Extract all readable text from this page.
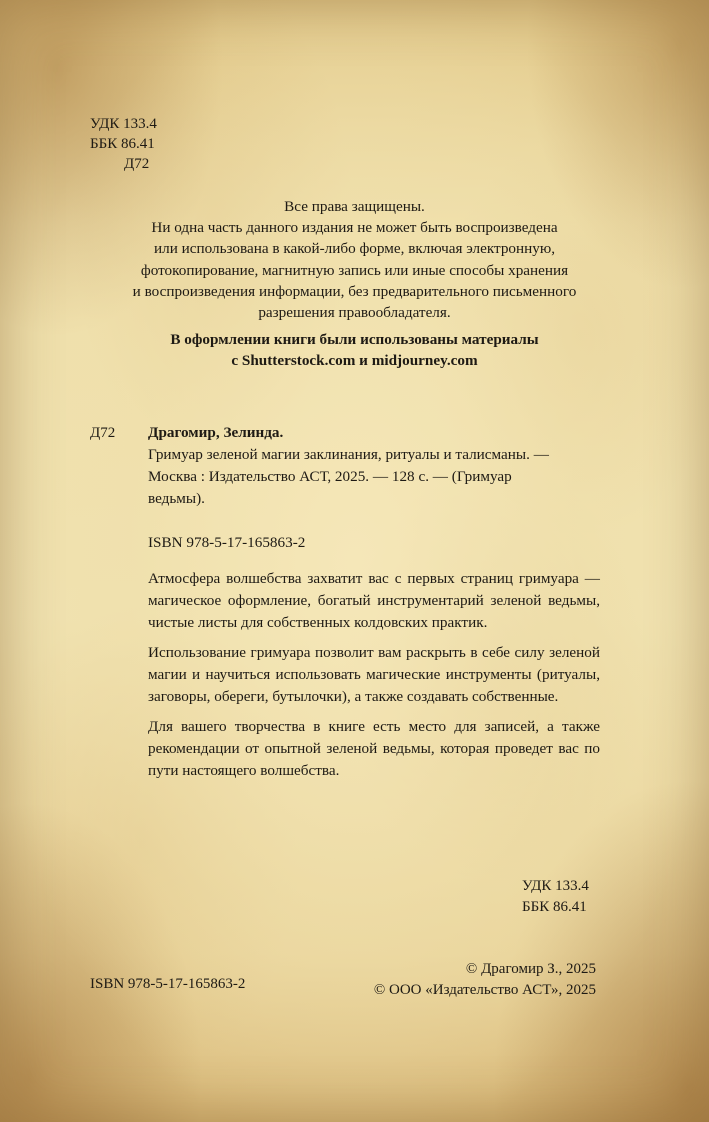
УДК 133.4
ББК 86.41
Д72
Все права защищены.
Ни одна часть данного издания не может быть воспроизведена
или использована в какой-либо форме, включая электронную,
фотокопирование, магнитную запись или иные способы хранения
и воспроизведения информации, без предварительного письменного
разрешения правообладателя.
В оформлении книги были использованы материалы
с Shutterstock.com и midjourney.com
Д72 Драгомир, Зелинда.
Гримуар зеленой магии заклинания, ритуалы и талисманы. —
Москва : Издательство АСТ, 2025. — 128 с. — (Гримуар
ведьмы).
ISBN 978-5-17-165863-2

Атмосфера волшебства захватит вас с первых страниц гримуара — магическое оформление, богатый инструментарий зеленой ведьмы, чистые листы для собственных колдовских практик.

Использование гримуара позволит вам раскрыть в себе силу зеленой магии и научиться использовать магические инструменты (ритуалы, заговоры, обереги, бутылочки), а также создавать собственные.

Для вашего творчества в книге есть место для записей, а также рекомендации от опытной зеленой ведьмы, которая проведет вас по пути настоящего волшебства.

УДК 133.4
ББК 86.41
ISBN 978-5-17-165863-2
© Драгомир З., 2025
© ООО «Издательство АСТ», 2025
